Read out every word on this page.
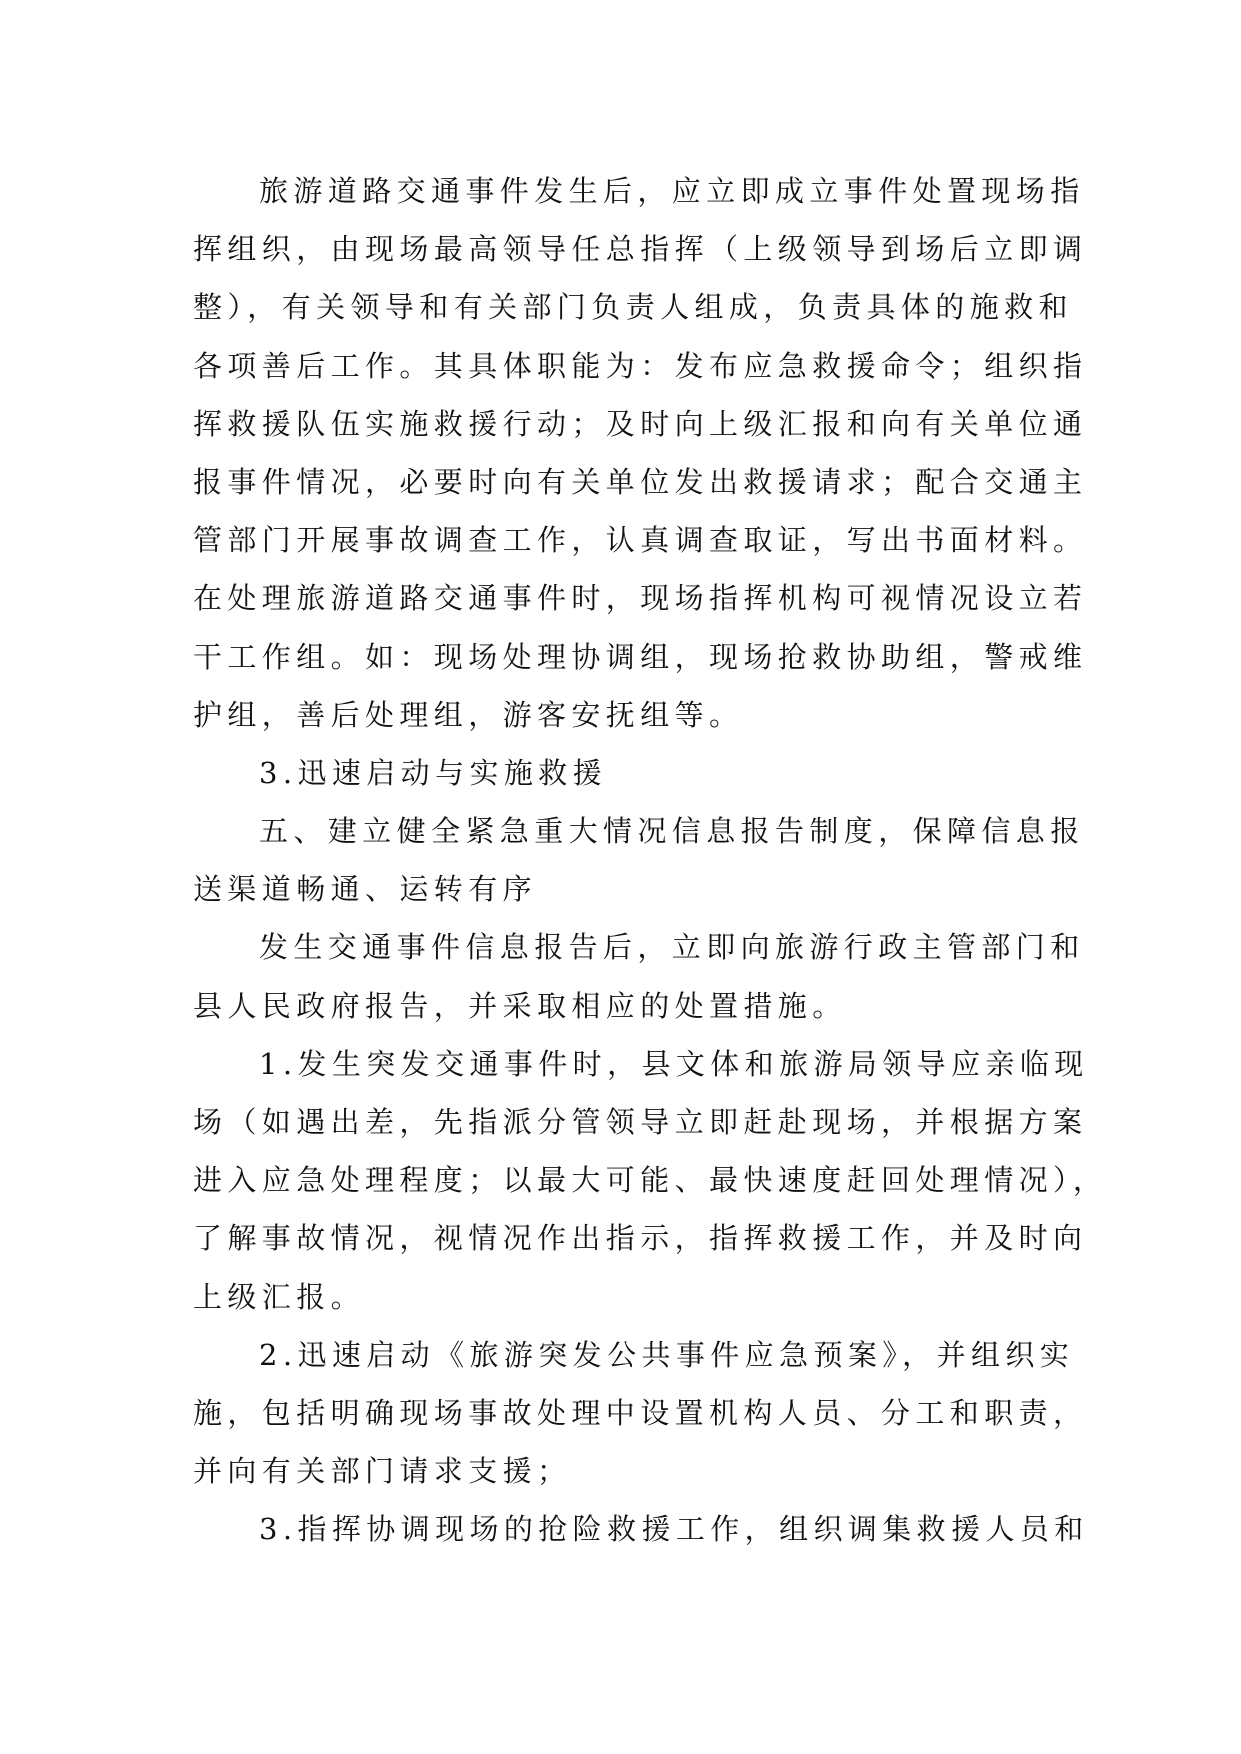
旅游道路交通事件发生后，应立即成立事件处置现场指
挥组织，由现场最高领导任总指挥（上级领导到场后立即调
整），有关领导和有关部门负责人组成，负责具体的施救和
各项善后工作。其具体职能为：发布应急救援命令；组织指
挥救援队伍实施救援行动；及时向上级汇报和向有关单位通
报事件情况，必要时向有关单位发出救援请求；配合交通主
管部门开展事故调查工作，认真调查取证，写出书面材料。
在处理旅游道路交通事件时，现场指挥机构可视情况设立若
干工作组。如：现场处理协调组，现场抢救协助组，警戒维
护组，善后处理组，游客安抚组等。
3.迅速启动与实施救援
五、建立健全紧急重大情况信息报告制度，保障信息报
送渠道畅通、运转有序
发生交通事件信息报告后，立即向旅游行政主管部门和
县人民政府报告，并采取相应的处置措施。
1.发生突发交通事件时，县文体和旅游局领导应亲临现
场（如遇出差，先指派分管领导立即赶赴现场，并根据方案
进入应急处理程度；以最大可能、最快速度赶回处理情况），
了解事故情况，视情况作出指示，指挥救援工作，并及时向
上级汇报。
2.迅速启动《旅游突发公共事件应急预案》，并组织实
施，包括明确现场事故处理中设置机构人员、分工和职责，
并向有关部门请求支援；
3.指挥协调现场的抢险救援工作，组织调集救援人员和
